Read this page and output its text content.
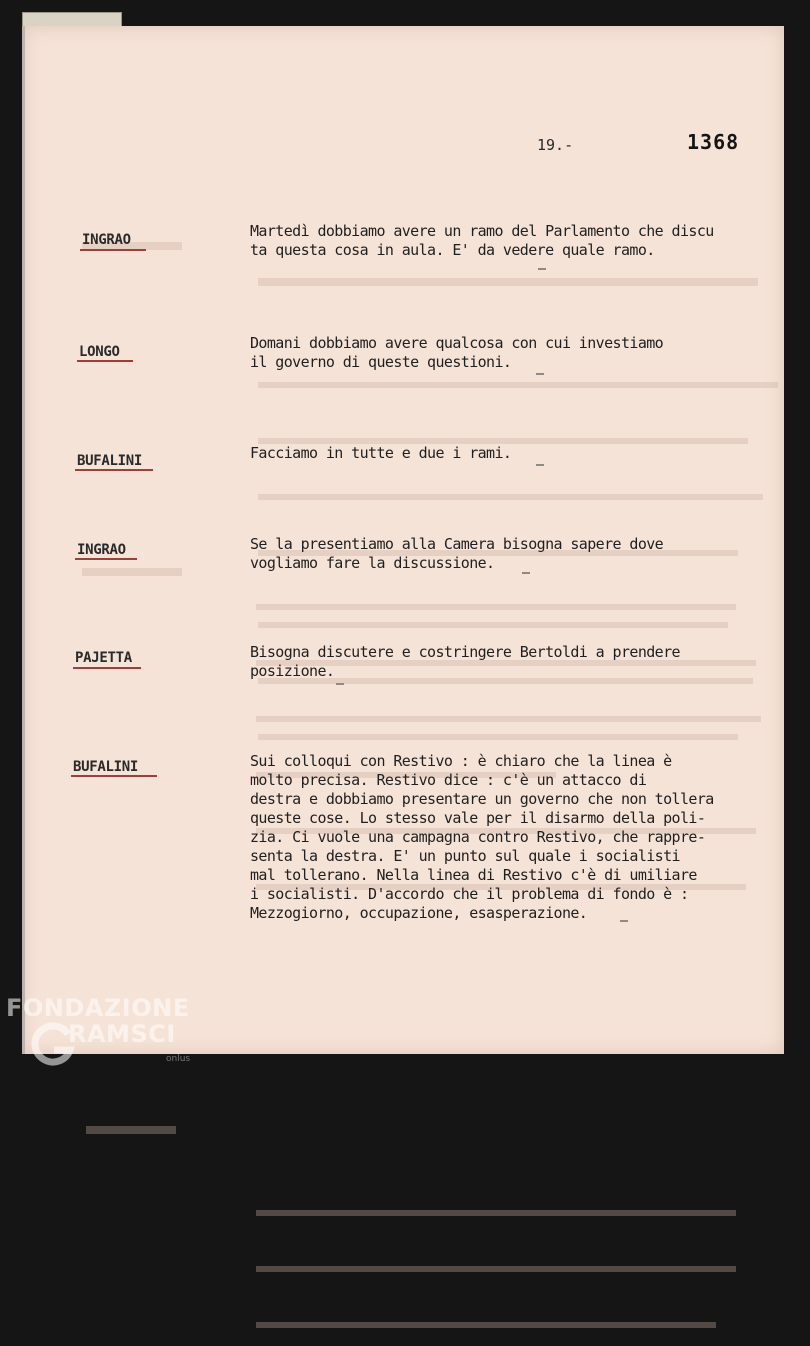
19.-	1368
INGRAO	Martedì dobbiamo avere un ramo del Parlamento che discu
ta questa cosa in aula. E' da vedere quale ramo.
LONGO	Domani dobbiamo avere qualcosa con cui investiamo
il governo di queste questioni.
BUFALINI	Facciamo in tutte e due i rami.
INGRAO	Se la presentiamo alla Camera bisogna sapere dove
vogliamo fare la discussione.
PAJETTA	Bisogna discutere e costringere Bertoldi a prendere
posizione.
BUFALINI	Sui colloqui con Restivo : è chiaro che la linea è
molto precisa. Restivo dice : c'è un attacco di
destra e dobbiamo presentare un governo che non tollera
queste cose. Lo stesso vale per il disarmo della poli-
zia. Ci vuole una campagna contro Restivo, che rappre-
senta la destra. E' un punto sul quale i socialisti
mal tollerano. Nella linea di Restivo c'è di umiliare
i socialisti. D'accordo che il problema di fondo è :
Mezzogiorno, occupazione, esasperazione.
FONDAZIONE
RAMSCI
onlus
